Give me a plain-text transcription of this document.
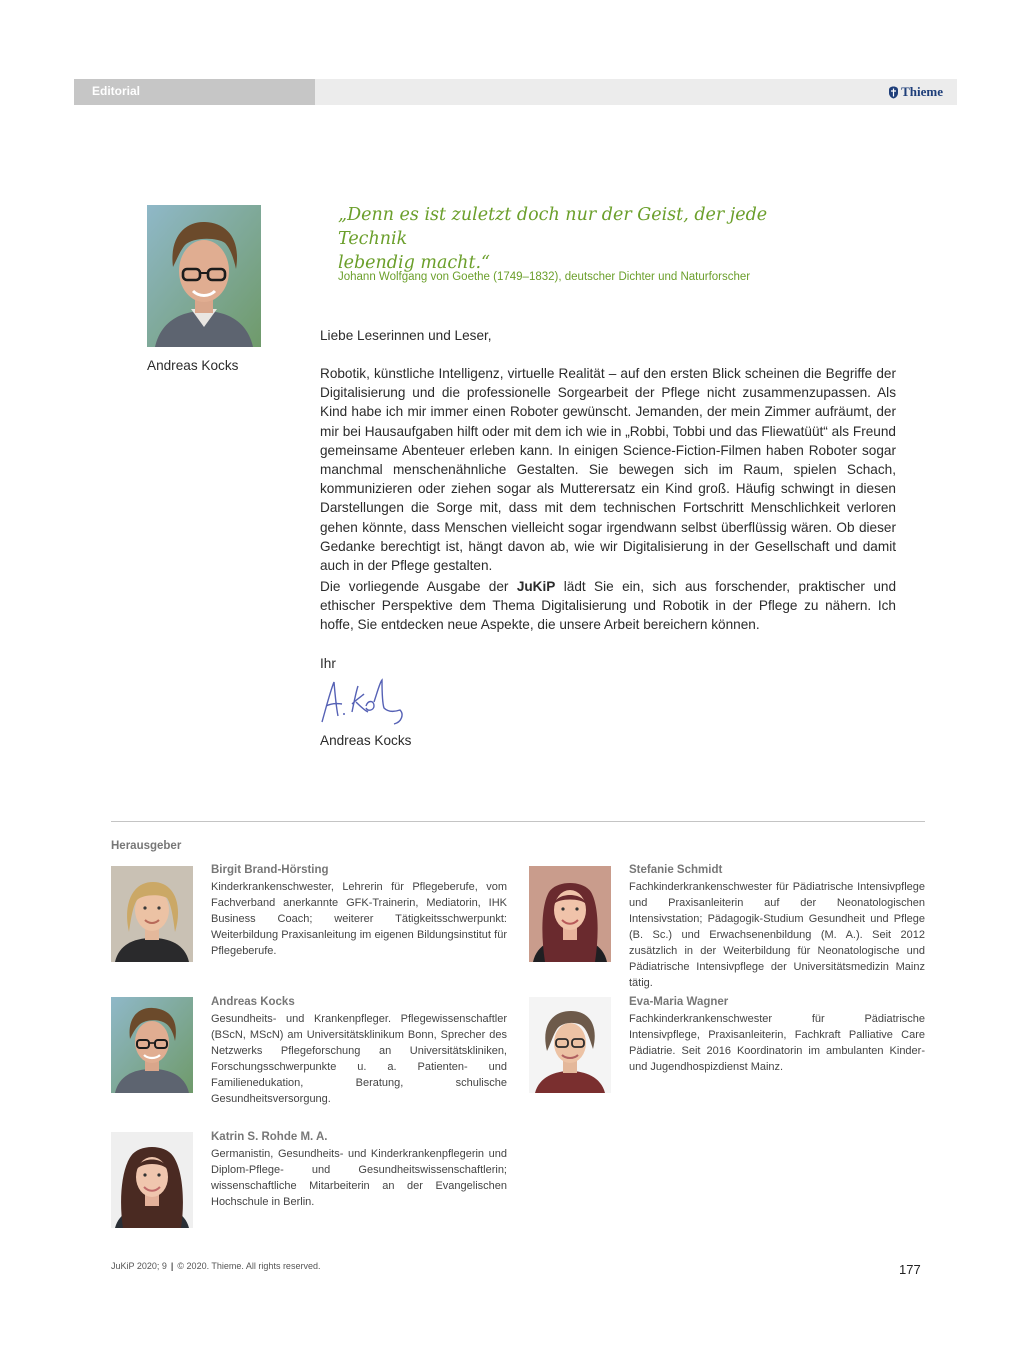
Editorial	Thieme
Andreas Kocks
„Denn es ist zuletzt doch nur der Geist, der jede Technik
lebendig macht.“
Johann Wolfgang von Goethe (1749–1832), deutscher Dichter und Naturforscher
Liebe Leserinnen und Leser,
Robotik, künstliche Intelligenz, virtuelle Realität – auf den ersten Blick scheinen die Begriffe der Digitalisierung und die professionelle Sorgearbeit der Pflege nicht zusammenzupassen. Als Kind habe ich mir immer einen Roboter gewünscht. Jemanden, der mein Zimmer aufräumt, der mir bei Hausaufgaben hilft oder mit dem ich wie in „Robbi, Tobbi und das Fliewatüüt“ als Freund gemeinsame Abenteuer erleben kann. In einigen Science-Fiction-Filmen haben Roboter sogar manchmal menschenähnliche Gestalten. Sie bewegen sich im Raum, spielen Schach, kommunizieren oder ziehen sogar als Mutterersatz ein Kind groß. Häufig schwingt in diesen Darstellungen die Sorge mit, dass mit dem technischen Fortschritt Menschlichkeit verloren gehen könnte, dass Menschen vielleicht sogar irgendwann selbst überflüssig wären. Ob dieser Gedanke berechtigt ist, hängt davon ab, wie wir Digitalisierung in der Gesellschaft und damit auch in der Pflege gestalten.
Die vorliegende Ausgabe der JuKiP lädt Sie ein, sich aus forschender, praktischer und ethischer Perspektive dem Thema Digitalisierung und Robotik in der Pflege zu nähern. Ich hoffe, Sie entdecken neue Aspekte, die unsere Arbeit bereichern können.
Ihr
Andreas Kocks
Herausgeber
Birgit Brand-Hörsting
Kinderkrankenschwester, Lehrerin für Pflegeberufe, vom Fachverband anerkannte GFK-Trainerin, Mediatorin, IHK Business Coach; weiterer Tätigkeitsschwerpunkt: Weiterbildung Praxisanleitung im eigenen Bildungsinstitut für Pflegeberufe.
Stefanie Schmidt
Fachkinderkrankenschwester für Pädiatrische Intensivpflege und Praxisanleiterin auf der Neonatologischen Intensivstation; Pädagogik-Studium Gesundheit und Pflege (B. Sc.) und Erwachsenenbildung (M. A.). Seit 2012 zusätzlich in der Weiterbildung für Neonatologische und Pädiatrische Intensivpflege der Universitätsmedizin Mainz tätig.
Andreas Kocks
Gesundheits- und Krankenpfleger. Pflegewissenschaftler (BScN, MScN) am Universitätsklinikum Bonn, Sprecher des Netzwerks Pflegeforschung an Universitätskliniken, Forschungsschwerpunkte u. a. Patienten- und Familienedukation, Beratung, schulische Gesundheitsversorgung.
Eva-Maria Wagner
Fachkinderkrankenschwester für Pädiatrische Intensivpflege, Praxisanleiterin, Fachkraft Palliative Care Pädiatrie. Seit 2016 Koordinatorin im ambulanten Kinder- und Jugendhospizdienst Mainz.
Katrin S. Rohde M. A.
Germanistin, Gesundheits- und Kinderkrankenpflegerin und Diplom-Pflege- und Gesundheitswissenschaftlerin; wissenschaftliche Mitarbeiterin an der Evangelischen Hochschule in Berlin.
JuKiP 2020; 9 | © 2020. Thieme. All rights reserved.	177
